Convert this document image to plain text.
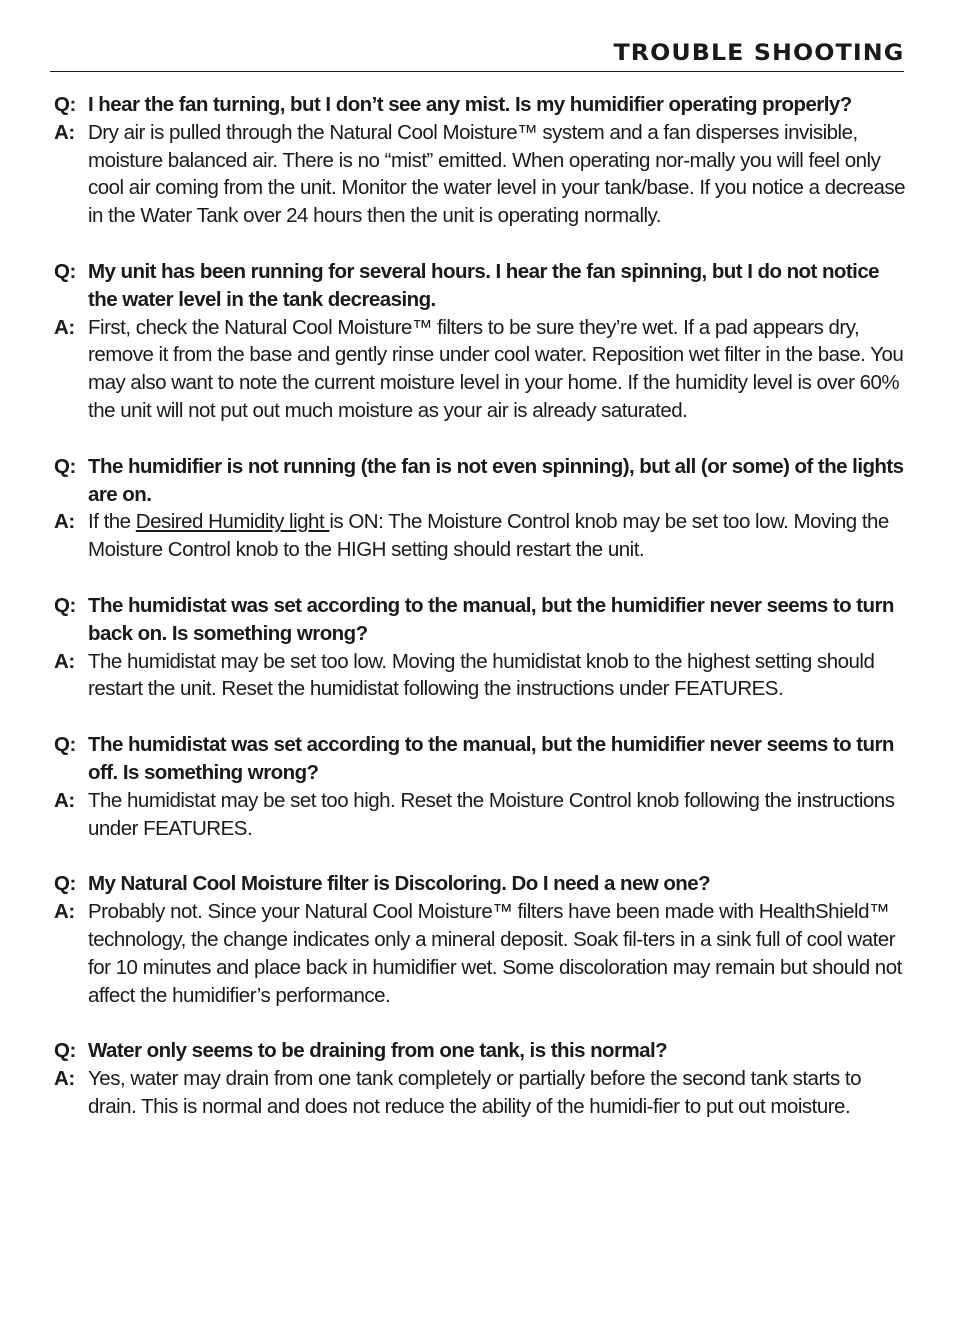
TROUBLE SHOOTING
Q: I hear the fan turning, but I don’t see any mist. Is my humidifier operating properly?
A: Dry air is pulled through the Natural Cool Moisture™ system and a fan disperses invisible, moisture balanced air. There is no “mist” emitted. When operating nor-mally you will feel only cool air coming from the unit. Monitor the water level in your tank/base. If you notice a decrease in the Water Tank over 24 hours then the unit is operating normally.
Q: My unit has been running for several hours. I hear the fan spinning, but I do not notice the water level in the tank decreasing.
A: First, check the Natural Cool Moisture™ filters to be sure they’re wet. If a pad appears dry, remove it from the base and gently rinse under cool water. Reposition wet filter in the base. You may also want to note the current moisture level in your home. If the humidity level is over 60% the unit will not put out much moisture as your air is already saturated.
Q: The humidifier is not running (the fan is not even spinning), but all (or some) of the lights are on.
A: If the Desired Humidity light is ON: The Moisture Control knob may be set too low. Moving the Moisture Control knob to the HIGH setting should restart the unit.
Q: The humidistat was set according to the manual, but the humidifier never seems to turn back on. Is something wrong?
A: The humidistat may be set too low. Moving the humidistat knob to the highest setting should restart the unit. Reset the humidistat following the instructions under FEATURES.
Q: The humidistat was set according to the manual, but the humidifier never seems to turn off. Is something wrong?
A: The humidistat may be set too high. Reset the Moisture Control knob following the instructions under FEATURES.
Q: My Natural Cool Moisture filter is Discoloring. Do I need a new one?
A: Probably not. Since your Natural Cool Moisture™ filters have been made with HealthShield™ technology, the change indicates only a mineral deposit. Soak fil-ters in a sink full of cool water for 10 minutes and place back in humidifier wet. Some discoloration may remain but should not affect the humidifier’s performance.
Q: Water only seems to be draining from one tank, is this normal?
A: Yes, water may drain from one tank completely or partially before the second tank starts to drain. This is normal and does not reduce the ability of the humidi-fier to put out moisture.
